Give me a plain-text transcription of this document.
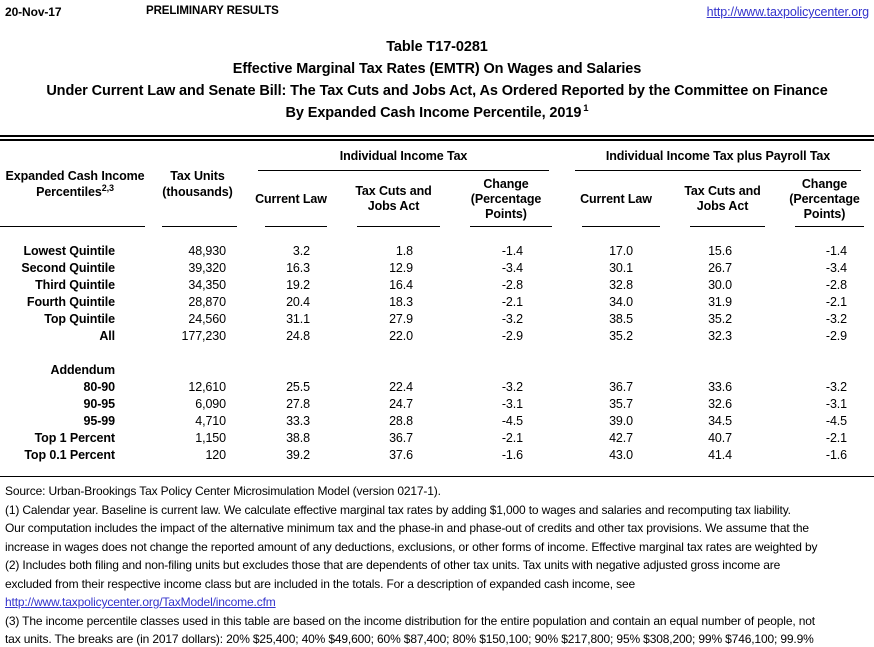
20-Nov-17	PRELIMINARY RESULTS	http://www.taxpolicycenter.org
Table T17-0281
Effective Marginal Tax Rates (EMTR) On Wages and Salaries
Under Current Law and Senate Bill: The Tax Cuts and Jobs Act, As Ordered Reported by the Committee on Finance
By Expanded Cash Income Percentile, 2019 $^1$
Expanded Cash Income Percentiles$^{2,3}$	Tax Units (thousands)	Individual Income Tax			Individual Income Tax plus Payroll Tax		

		Current Law	Tax Cuts and Jobs Act	Change (Percentage Points)	Current Law	Tax Cuts and Jobs Act	Change (Percentage Points)

Lowest Quintile	48,930	3.2	1.8	-1.4	17.0	15.6	-1.4
Second Quintile	39,320	16.3	12.9	-3.4	30.1	26.7	-3.4
Third Quintile	34,350	19.2	16.4	-2.8	32.8	30.0	-2.8
Fourth Quintile	28,870	20.4	18.3	-2.1	34.0	31.9	-2.1
Top Quintile	24,560	31.1	27.9	-3.2	38.5	35.2	-3.2
All	177,230	24.8	22.0	-2.9	35.2	32.3	-2.9

Addendum							
80-90	12,610	25.5	22.4	-3.2	36.7	33.6	-3.2
90-95	6,090	27.8	24.7	-3.1	35.7	32.6	-3.1
95-99	4,710	33.3	28.8	-4.5	39.0	34.5	-4.5
Top 1 Percent	1,150	38.8	36.7	-2.1	42.7	40.7	-2.1
Top 0.1 Percent	120	39.2	37.6	-1.6	43.0	41.4	-1.6
Source: Urban-Brookings Tax Policy Center Microsimulation Model (version 0217-1).
(1) Calendar year. Baseline is current law. We calculate effective marginal tax rates by adding $1,000 to wages and salaries and recomputing tax liability.
Our computation includes the impact of the alternative minimum tax and the phase-in and phase-out of credits and other tax provisions. We assume that the
increase in wages does not change the reported amount of any deductions, exclusions, or other forms of income. Effective marginal tax rates are weighted by
(2) Includes both filing and non-filing units but excludes those that are dependents of other tax units. Tax units with negative adjusted gross income are
excluded from their respective income class but are included in the totals. For a description of expanded cash income, see
http://www.taxpolicycenter.org/TaxModel/income.cfm
(3) The income percentile classes used in this table are based on the income distribution for the entire population and contain an equal number of people, not
tax units. The breaks are (in 2017 dollars): 20% $25,400; 40% $49,600; 60% $87,400; 80% $150,100; 90% $217,800; 95% $308,200; 99% $746,100; 99.9%
